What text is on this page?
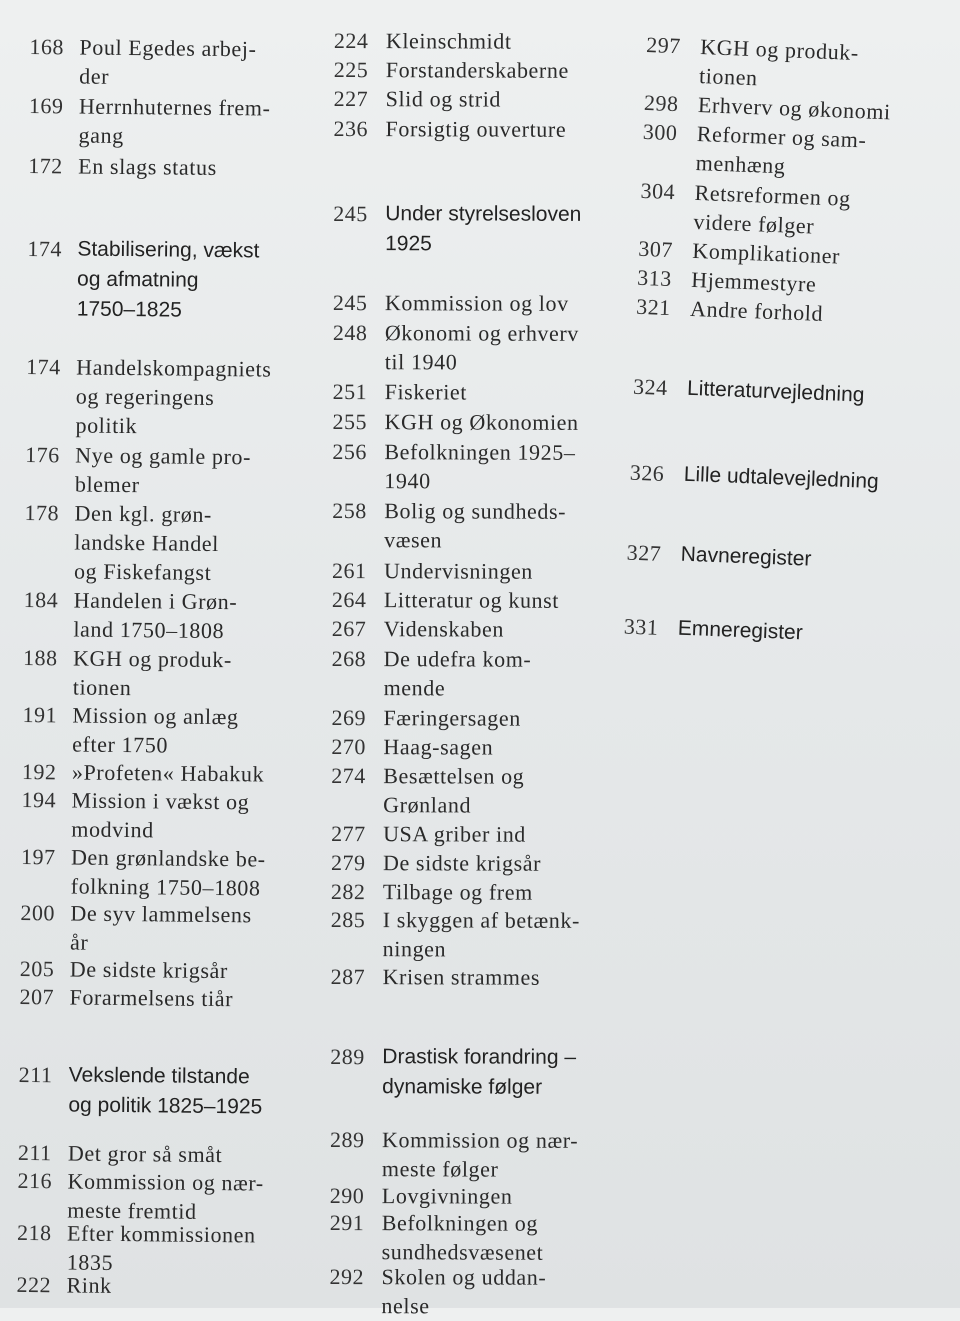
168 Poul Egedes arbej-
der
169 Herrnhuternes frem-
gang
172 En slags status
174 Stabilisering, vækst
og afmatning
1750–1825
174 Handelskompagniets
og regeringens
politik
176 Nye og gamle pro-
blemer
178 Den kgl. grøn-
landske Handel
og Fiskefangst
184 Handelen i Grøn-
land 1750–1808
188 KGH og produk-
tionen
191 Mission og anlæg
efter 1750
192 »Profeten« Habakuk
194 Mission i vækst og
modvind
197 Den grønlandske be-
folkning 1750–1808
200 De syv lammelsens
år
205 De sidste krigsår
207 Forarmelsens tiår
211 Vekslende tilstande
og politik 1825–1925
211 Det gror så småt
216 Kommission og nær-
meste fremtid
218 Efter kommissionen
1835
222 Rink
224 Kleinschmidt
225 Forstanderskaberne
227 Slid og strid
236 Forsigtig ouverture
245 Under styrelsesloven
1925
245 Kommission og lov
248 Økonomi og erhverv
til 1940
251 Fiskeriet
255 KGH og Økonomien
256 Befolkningen 1925–
1940
258 Bolig og sundheds-
væsen
261 Undervisningen
264 Litteratur og kunst
267 Videnskaben
268 De udefra kom-
mende
269 Færingersagen
270 Haag-sagen
274 Besættelsen og
Grønland
277 USA griber ind
279 De sidste krigsår
282 Tilbage og frem
285 I skyggen af betænk-
ningen
287 Krisen strammes
289 Drastisk forandring –
dynamiske følger
289 Kommission og nær-
meste følger
290 Lovgivningen
291 Befolkningen og
sundhedsvæsenet
292 Skolen og uddan-
nelse
297 KGH og produk-
tionen
298 Erhverv og økonomi
300 Reformer og sam-
menhæng
304 Retsreformen og
videre følger
307 Komplikationer
313 Hjemmestyre
321 Andre forhold
324 Litteraturvejledning
326 Lille udtalevejledning
327 Navneregister
331 Emneregister
